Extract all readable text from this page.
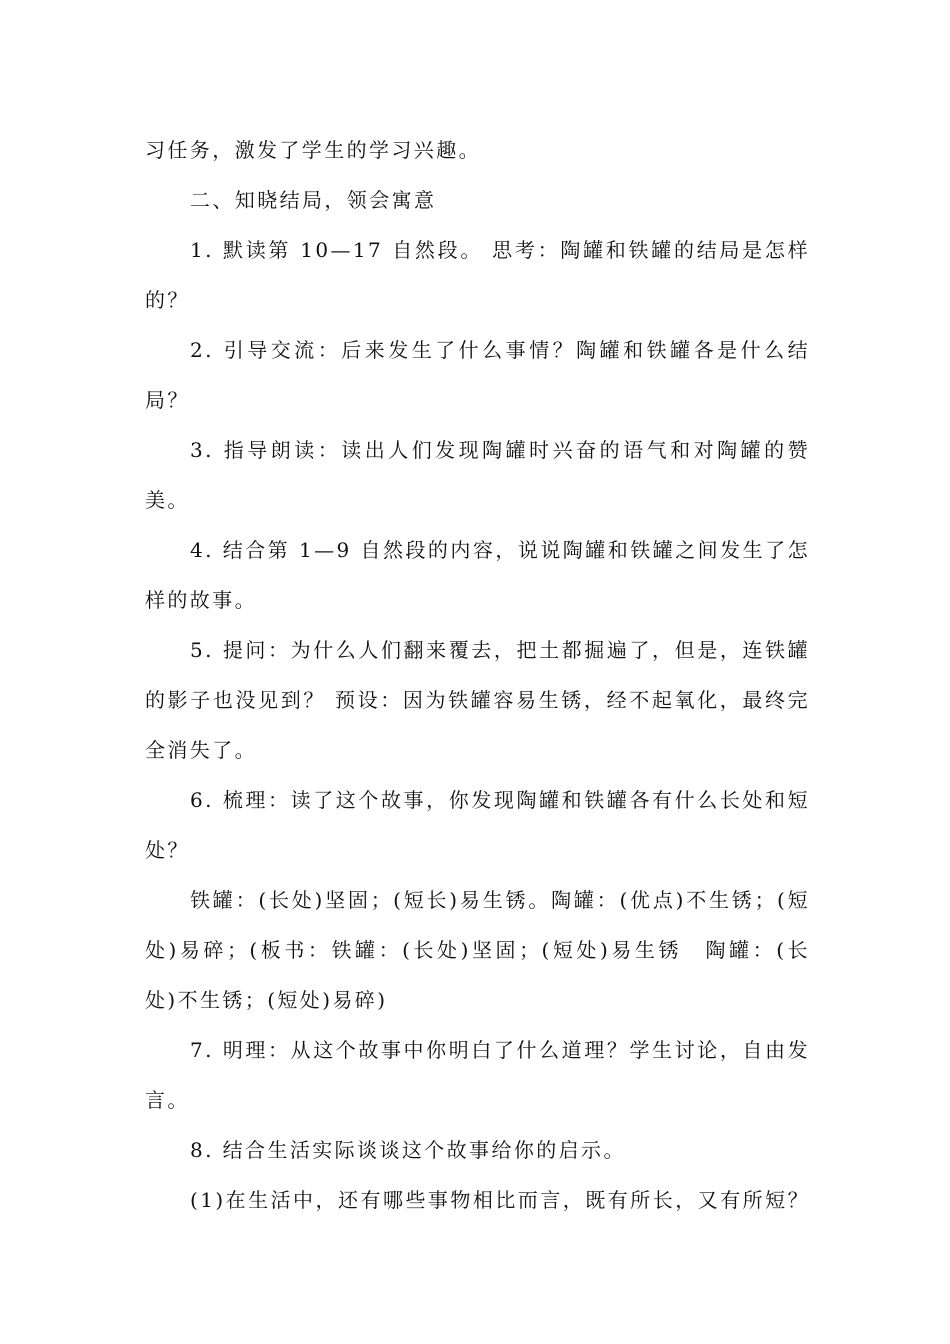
习任务，激发了学生的学习兴趣。
二、知晓结局，领会寓意
1. 默读第 10—17 自然段。 思考：陶罐和铁罐的结局是怎样
的？
2. 引导交流：后来发生了什么事情？陶罐和铁罐各是什么结
局？
3. 指导朗读：读出人们发现陶罐时兴奋的语气和对陶罐的赞
美。
4. 结合第 1—9 自然段的内容，说说陶罐和铁罐之间发生了怎
样的故事。
5. 提问：为什么人们翻来覆去，把土都掘遍了，但是，连铁罐
的影子也没见到？ 预设：因为铁罐容易生锈，经不起氧化，最终完
全消失了。
6. 梳理：读了这个故事，你发现陶罐和铁罐各有什么长处和短
处？
铁罐：(长处)坚固；(短长)易生锈。陶罐：(优点)不生锈；(短
处)易碎；(板书：铁罐：(长处)坚固；(短处)易生锈　陶罐：(长
处)不生锈；(短处)易碎)
7. 明理：从这个故事中你明白了什么道理？学生讨论，自由发
言。
8. 结合生活实际谈谈这个故事给你的启示。
(1)在生活中，还有哪些事物相比而言，既有所长，又有所短？
